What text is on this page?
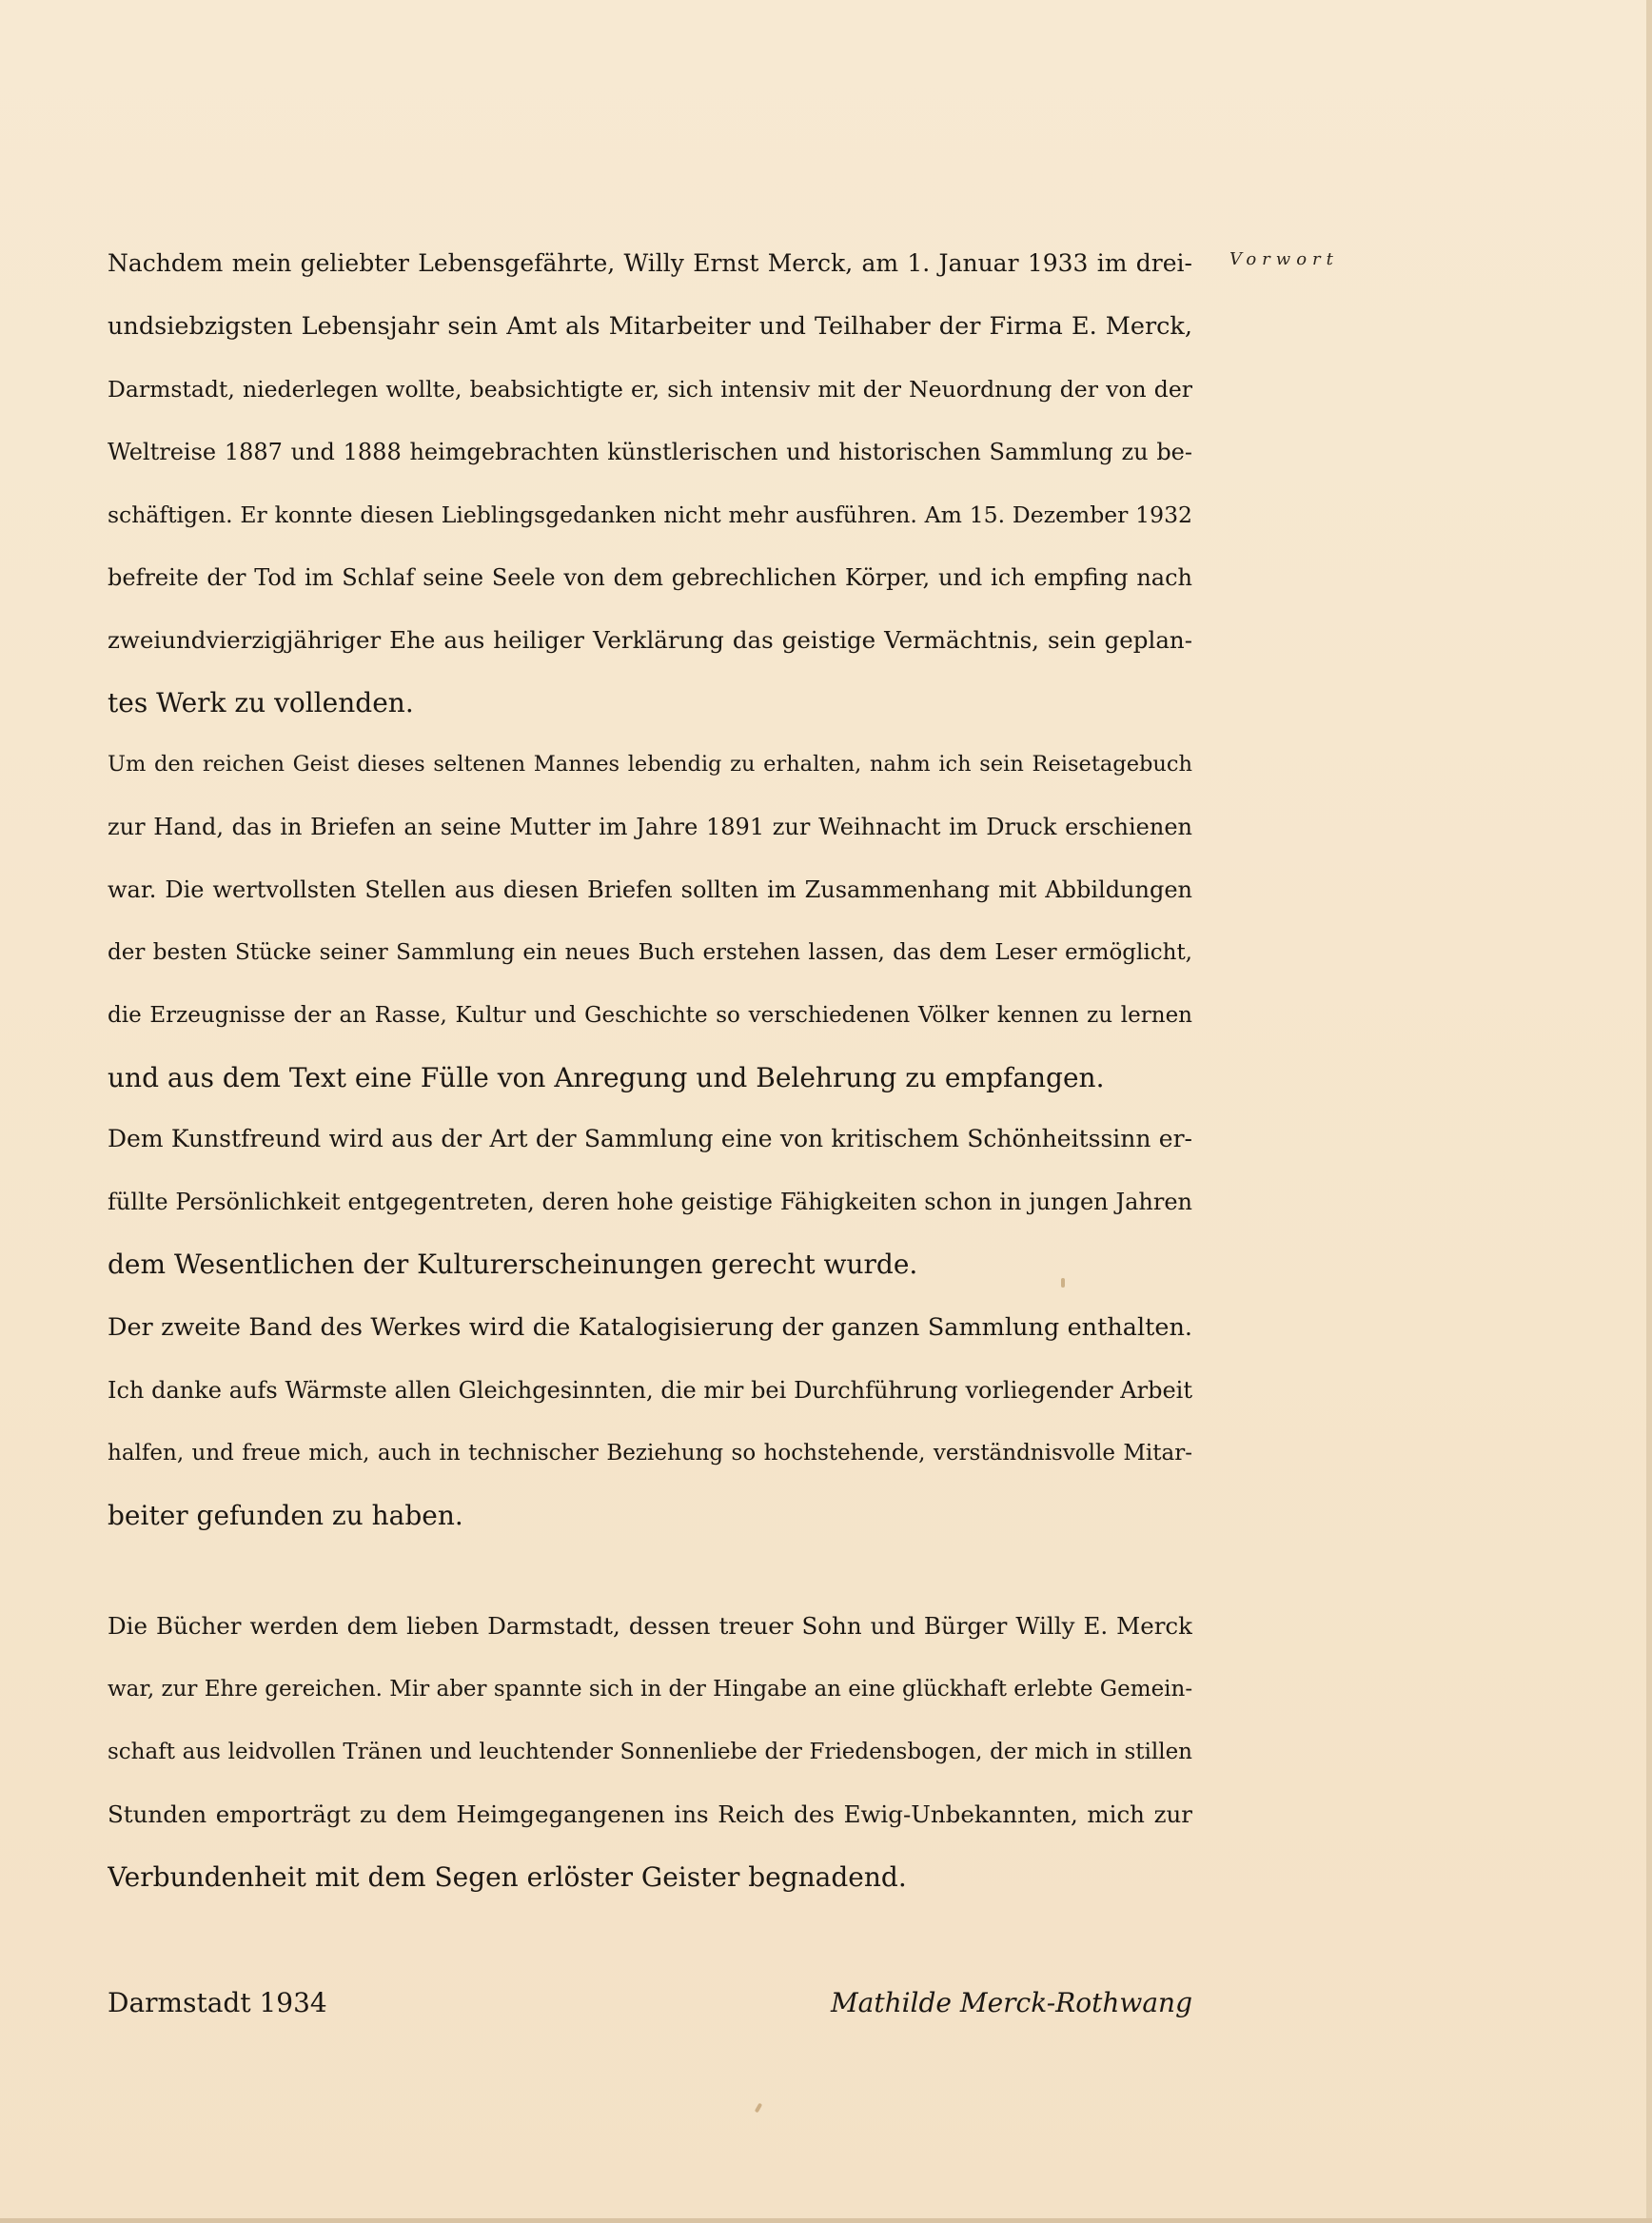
Vorwort
Nachdem mein geliebter Lebensgefährte, Willy Ernst Merck, am 1. Januar 1933 im drei-
undsiebzigsten Lebensjahr sein Amt als Mitarbeiter und Teilhaber der Firma E. Merck,
Darmstadt, niederlegen wollte, beabsichtigte er, sich intensiv mit der Neuordnung der von der
Weltreise 1887 und 1888 heimgebrachten künstlerischen und historischen Sammlung zu be-
schäftigen. Er konnte diesen Lieblingsgedanken nicht mehr ausführen. Am 15. Dezember 1932
befreite der Tod im Schlaf seine Seele von dem gebrechlichen Körper, und ich empfing nach
zweiundvierzigjähriger Ehe aus heiliger Verklärung das geistige Vermächtnis, sein geplan-
tes Werk zu vollenden.
Um den reichen Geist dieses seltenen Mannes lebendig zu erhalten, nahm ich sein Reisetagebuch
zur Hand, das in Briefen an seine Mutter im Jahre 1891 zur Weihnacht im Druck erschienen
war. Die wertvollsten Stellen aus diesen Briefen sollten im Zusammenhang mit Abbildungen
der besten Stücke seiner Sammlung ein neues Buch erstehen lassen, das dem Leser ermöglicht,
die Erzeugnisse der an Rasse, Kultur und Geschichte so verschiedenen Völker kennen zu lernen
und aus dem Text eine Fülle von Anregung und Belehrung zu empfangen.
Dem Kunstfreund wird aus der Art der Sammlung eine von kritischem Schönheitssinn er-
füllte Persönlichkeit entgegentreten, deren hohe geistige Fähigkeiten schon in jungen Jahren
dem Wesentlichen der Kulturerscheinungen gerecht wurde.
Der zweite Band des Werkes wird die Katalogisierung der ganzen Sammlung enthalten.
Ich danke aufs Wärmste allen Gleichgesinnten, die mir bei Durchführung vorliegender Arbeit
halfen, und freue mich, auch in technischer Beziehung so hochstehende, verständnisvolle Mitar-
beiter gefunden zu haben.
Die Bücher werden dem lieben Darmstadt, dessen treuer Sohn und Bürger Willy E. Merck
war, zur Ehre gereichen. Mir aber spannte sich in der Hingabe an eine glückhaft erlebte Gemein-
schaft aus leidvollen Tränen und leuchtender Sonnenliebe der Friedensbogen, der mich in stillen
Stunden emporträgt zu dem Heimgegangenen ins Reich des Ewig-Unbekannten, mich zur
Verbundenheit mit dem Segen erlöster Geister begnadend.
Darmstadt 1934	Mathilde Merck-Rothwang
